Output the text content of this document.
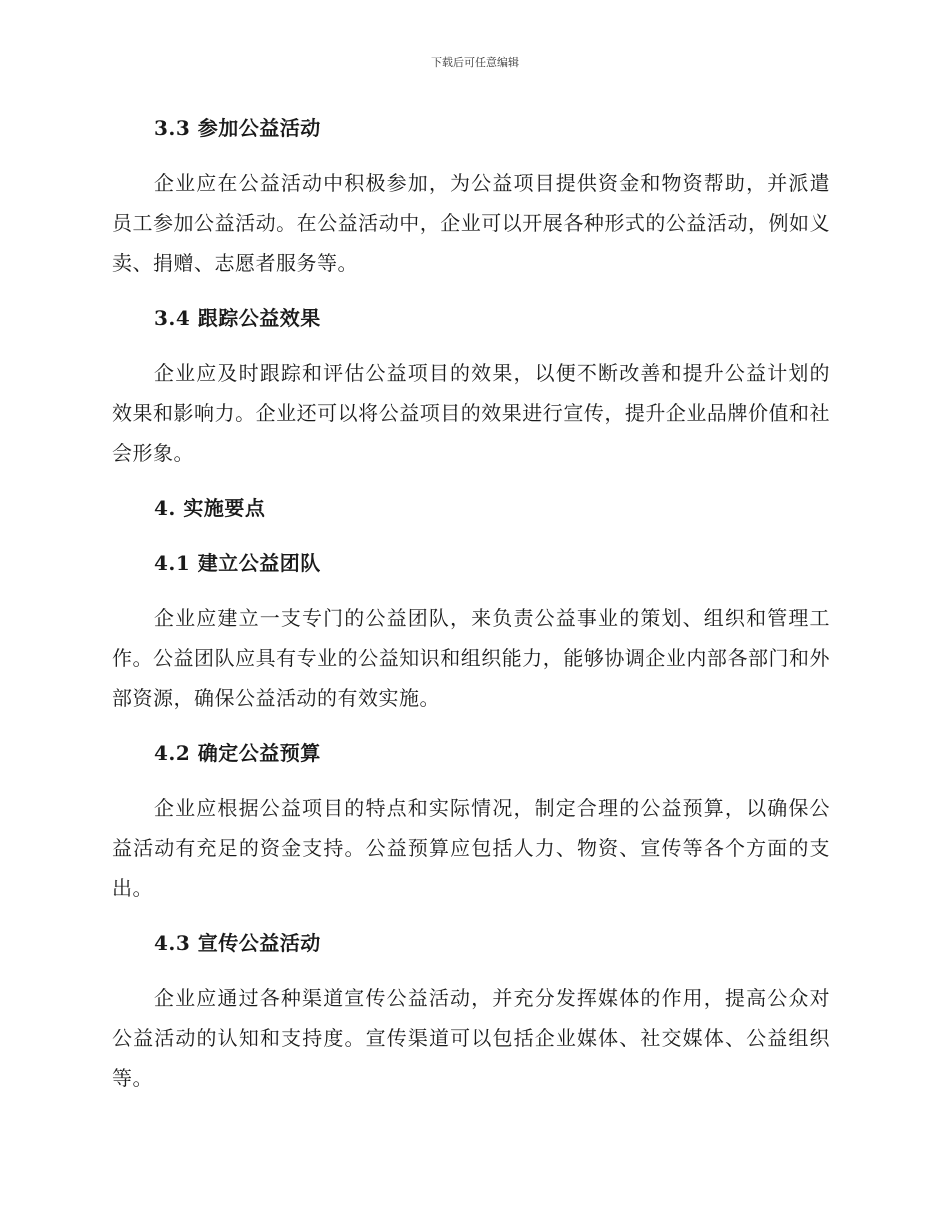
下载后可任意编辑
3.3 参加公益活动
企业应在公益活动中积极参加，为公益项目提供资金和物资帮助，并派遣员工参加公益活动。在公益活动中，企业可以开展各种形式的公益活动，例如义卖、捐赠、志愿者服务等。
3.4 跟踪公益效果
企业应及时跟踪和评估公益项目的效果，以便不断改善和提升公益计划的效果和影响力。企业还可以将公益项目的效果进行宣传，提升企业品牌价值和社会形象。
4. 实施要点
4.1 建立公益团队
企业应建立一支专门的公益团队，来负责公益事业的策划、组织和管理工作。公益团队应具有专业的公益知识和组织能力，能够协调企业内部各部门和外部资源，确保公益活动的有效实施。
4.2 确定公益预算
企业应根据公益项目的特点和实际情况，制定合理的公益预算，以确保公益活动有充足的资金支持。公益预算应包括人力、物资、宣传等各个方面的支出。
4.3 宣传公益活动
企业应通过各种渠道宣传公益活动，并充分发挥媒体的作用，提高公众对公益活动的认知和支持度。宣传渠道可以包括企业媒体、社交媒体、公益组织等。
